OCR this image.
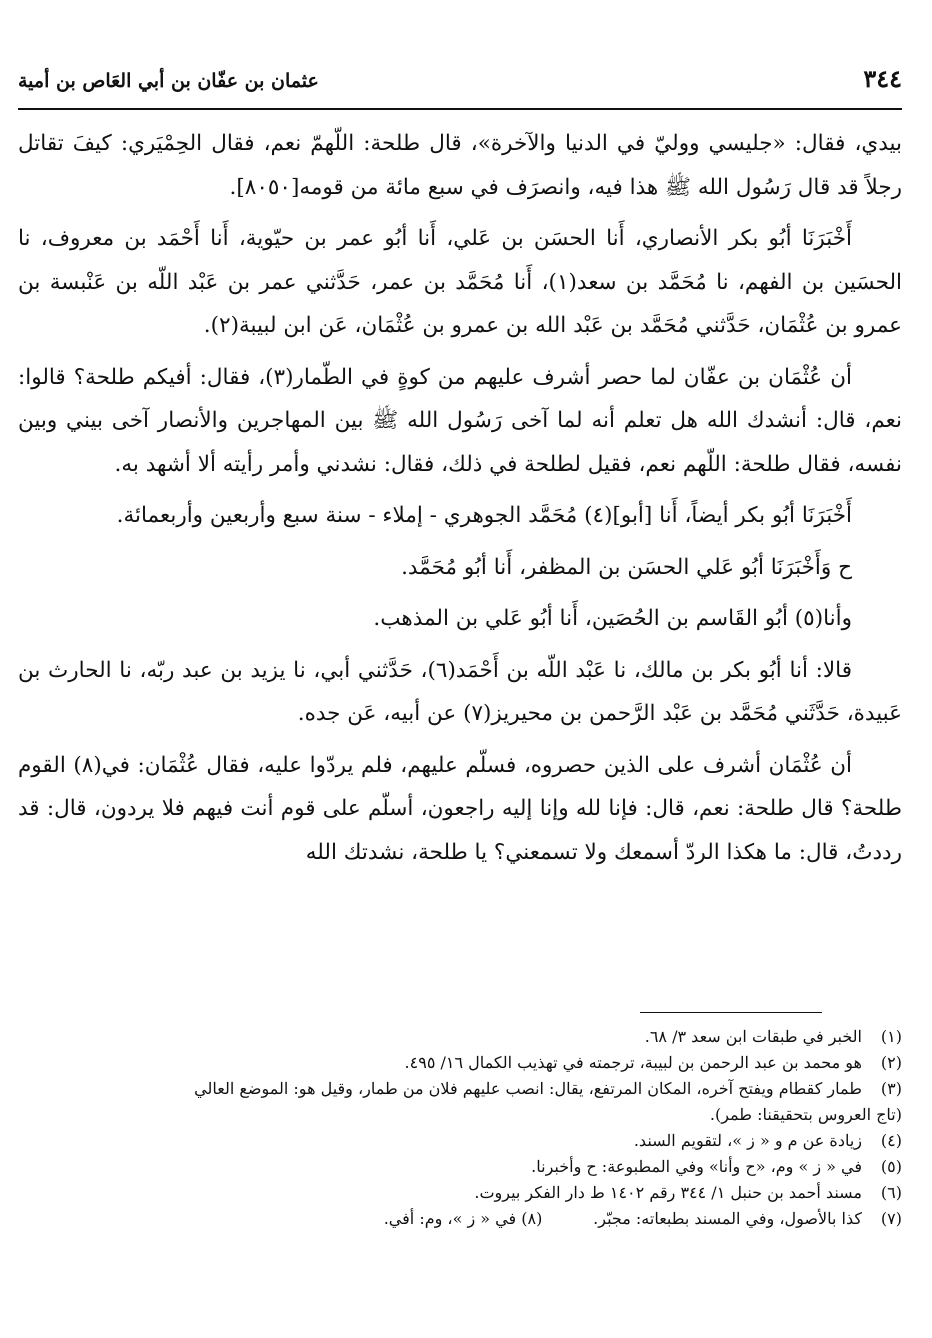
٣٤٤
عثمان بن عفّان بن أبي العَاص بن أمية

بيدي، فقال: «جليسي ووليّ في الدنيا والآخرة»، قال طلحة: اللّهمّ نعم، فقال الحِمْيَري: كيفَ تقاتل رجلاً قد قال رَسُول الله ﷺ هذا فيه، وانصرَف في سبع مائة من قومه[٨٠٥٠].

أَخْبَرَنَا أبُو بكر الأنصاري، أَنا الحسَن بن عَلي، أَنا أبُو عمر بن حيّوية، أَنا أَحْمَد بن معروف، نا الحسَين بن الفهم، نا مُحَمَّد بن سعد(١)، أَنا مُحَمَّد بن عمر، حَدَّثني عمر بن عَبْد اللّه بن عَنْبسة بن عمرو بن عُثْمَان، حَدَّثني مُحَمَّد بن عَبْد الله بن عمرو بن عُثْمَان، عَن ابن لبيبة(٢).

أن عُثْمَان بن عفّان لما حصر أشرف عليهم من كوةٍ في الطّمار(٣)، فقال: أفيكم طلحة؟ قالوا: نعم، قال: أنشدك الله هل تعلم أنه لما آخى رَسُول الله ﷺ بين المهاجرين والأنصار آخى بيني وبين نفسه، فقال طلحة: اللّهم نعم، فقيل لطلحة في ذلك، فقال: نشدني وأمر رأيته ألا أشهد به.

أَخْبَرَنَا أبُو بكر أيضاً، أَنا [أبو](٤) مُحَمَّد الجوهري - إملاء - سنة سبع وأربعين وأربعمائة.

ح وَأَخْبَرَنَا أبُو عَلي الحسَن بن المظفر، أَنا أبُو مُحَمَّد.

وأنا(٥) أبُو القَاسم بن الحُصَين، أَنا أبُو عَلي بن المذهب.

قالا: أنا أبُو بكر بن مالك، نا عَبْد اللّه بن أَحْمَد(٦)، حَدَّثني أبي، نا يزيد بن عبد ربّه، نا الحارث بن عَبيدة، حَدَّثَني مُحَمَّد بن عَبْد الرَّحمن بن محيريز(٧) عن أبيه، عَن جده.

أن عُثْمَان أشرف على الذين حصروه، فسلّم عليهم، فلم يردّوا عليه، فقال عُثْمَان: في(٨) القوم طلحة؟ قال طلحة: نعم، قال: فإنا لله وإنا إليه راجعون، أسلّم على قوم أنت فيهم فلا يردون، قال: قد رددتُ، قال: ما هكذا الردّ أسمعك ولا تسمعني؟ يا طلحة، نشدتك الله

(١)
الخبر في طبقات ابن سعد ٣/ ٦٨.
(٢)
هو محمد بن عبد الرحمن بن لبيبة، ترجمته في تهذيب الكمال ١٦/ ٤٩٥.
(٣)
طمار كقطام ويفتح آخره، المكان المرتفع، يقال: انصب عليهم فلان من طمار، وقيل هو: الموضع العالي
(تاج العروس بتحقيقنا: طمر).
(٤)
زيادة عن م و « ز »، لتقويم السند.
(٥)
في « ز » وم، «ح وأنا» وفي المطبوعة: ح وأخبرنا.
(٦)
مسند أحمد بن حنبل ١/ ٣٤٤ رقم ١٤٠٢ ط دار الفكر بيروت.
(٧)
كذا بالأصول، وفي المسند بطبعاته: مجبّر.          (٨) في « ز »، وم: أفي.
